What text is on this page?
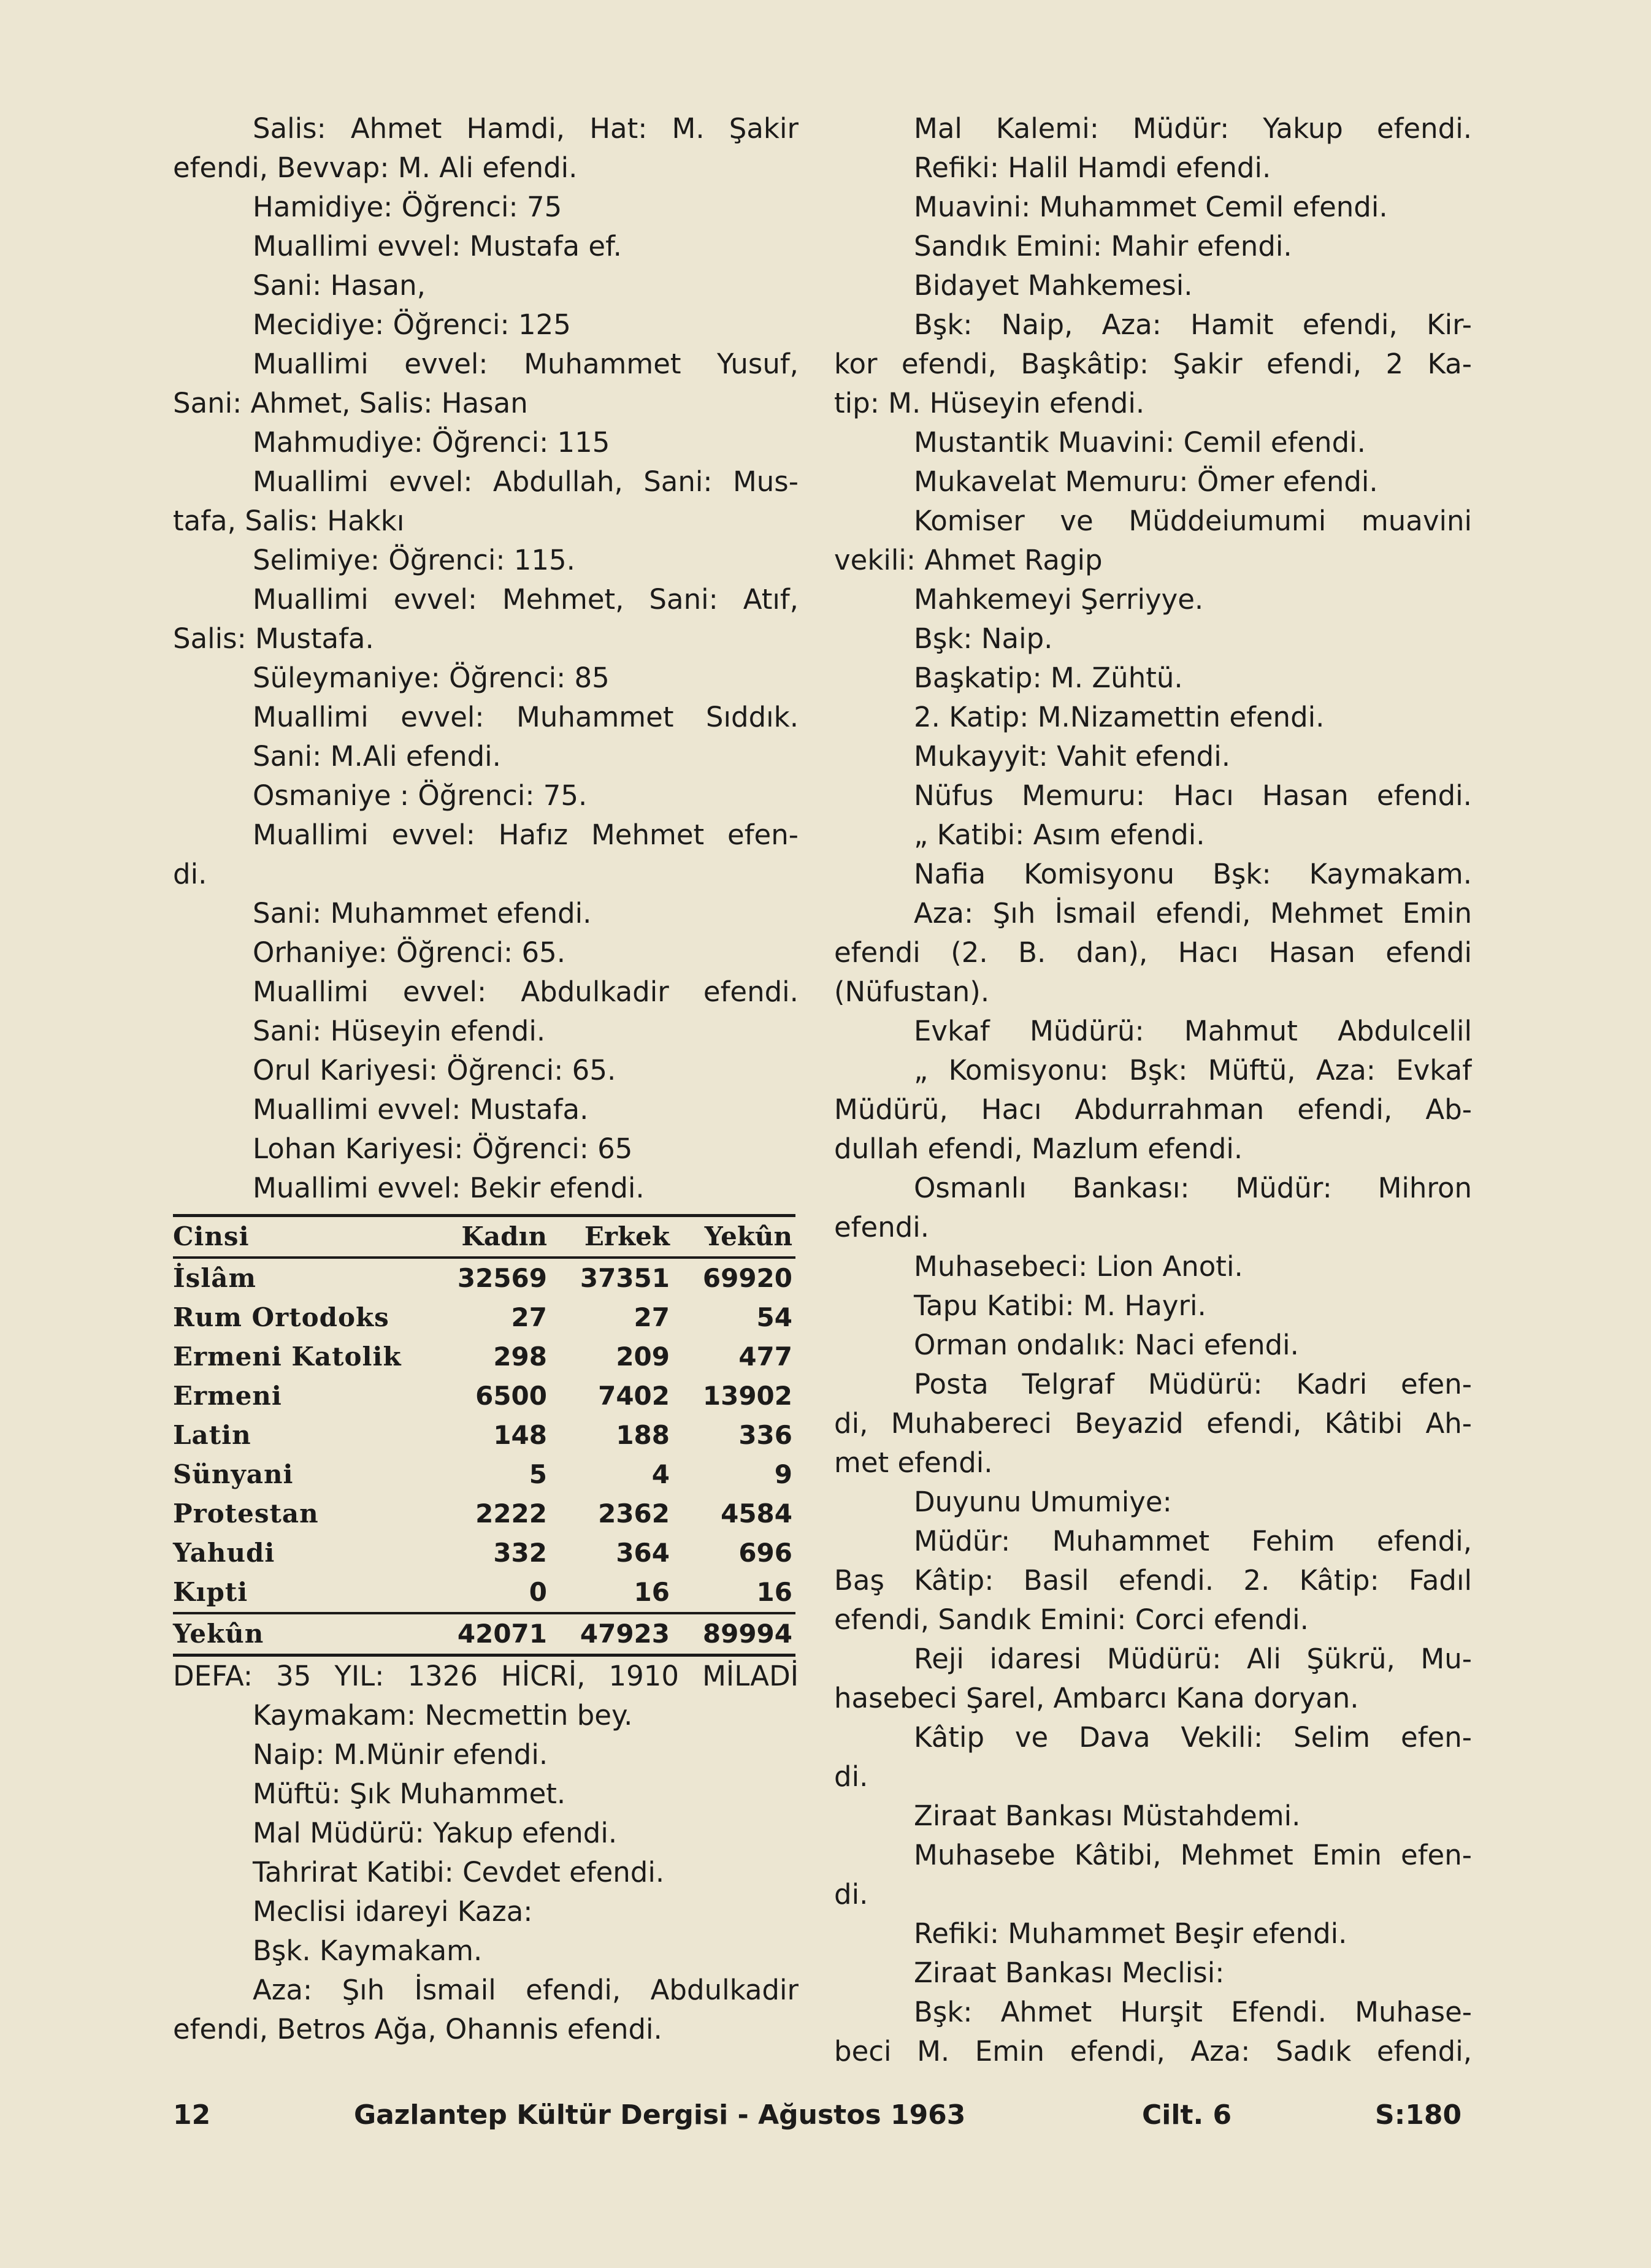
Salis: Ahmet Hamdi, Hat: M. Şakir
efendi, Bevvap: M. Ali efendi.
Hamidiye: Öğrenci: 75
Muallimi evvel: Mustafa ef.
Sani: Hasan,
Mecidiye: Öğrenci: 125
Muallimi evvel: Muhammet Yusuf,
Sani: Ahmet, Salis: Hasan
Mahmudiye: Öğrenci: 115
Muallimi evvel: Abdullah, Sani: Mus-
tafa, Salis: Hakkı
Selimiye: Öğrenci: 115.
Muallimi evvel: Mehmet, Sani: Atıf,
Salis: Mustafa.
Süleymaniye: Öğrenci: 85
Muallimi evvel: Muhammet Sıddık.
Sani: M.Ali efendi.
Osmaniye : Öğrenci: 75.
Muallimi evvel: Hafız Mehmet efen-
di.
Sani: Muhammet efendi.
Orhaniye: Öğrenci: 65.
Muallimi evvel: Abdulkadir efendi.
Sani: Hüseyin efendi.
Orul Kariyesi: Öğrenci: 65.
Muallimi evvel: Mustafa.
Lohan Kariyesi: Öğrenci: 65
Muallimi evvel: Bekir efendi.
Cinsi	Kadın	Erkek	Yekûn
İslâm	32569	37351	69920
Rum Ortodoks	27	27	54
Ermeni Katolik	298	209	477
Ermeni	6500	7402	13902
Latin	148	188	336
Sünyani	5	4	9
Protestan	2222	2362	4584
Yahudi	332	364	696
Kıpti	0	16	16
Yekûn	42071	47923	89994
DEFA: 35 YIL: 1326 HİCRİ, 1910 MİLADİ
Kaymakam: Necmettin bey.
Naip: M.Münir efendi.
Müftü: Şık Muhammet.
Mal Müdürü: Yakup efendi.
Tahrirat Katibi: Cevdet efendi.
Meclisi idareyi Kaza:
Bşk. Kaymakam.
Aza: Şıh İsmail efendi, Abdulkadir
efendi, Betros Ağa, Ohannis efendi.
Mal Kalemi: Müdür: Yakup efendi.
Refiki: Halil Hamdi efendi.
Muavini: Muhammet Cemil efendi.
Sandık Emini: Mahir efendi.
Bidayet Mahkemesi.
Bşk: Naip, Aza: Hamit efendi, Kir-
kor efendi, Başkâtip: Şakir efendi, 2 Ka-
tip: M. Hüseyin efendi.
Mustantik Muavini: Cemil efendi.
Mukavelat Memuru: Ömer efendi.
Komiser ve Müddeiumumi muavini
vekili: Ahmet Ragip
Mahkemeyi Şerriyye.
Bşk: Naip.
Başkatip: M. Zühtü.
2. Katip: M.Nizamettin efendi.
Mukayyit: Vahit efendi.
Nüfus Memuru: Hacı Hasan efendi.
„ Katibi: Asım efendi.
Nafia Komisyonu Bşk: Kaymakam.
Aza: Şıh İsmail efendi, Mehmet Emin
efendi (2. B. dan), Hacı Hasan efendi
(Nüfustan).
Evkaf Müdürü: Mahmut Abdulcelil
„ Komisyonu: Bşk: Müftü, Aza: Evkaf
Müdürü, Hacı Abdurrahman efendi, Ab-
dullah efendi, Mazlum efendi.
Osmanlı Bankası: Müdür: Mihron
efendi.
Muhasebeci: Lion Anoti.
Tapu Katibi: M. Hayri.
Orman ondalık: Naci efendi.
Posta Telgraf Müdürü: Kadri efen-
di, Muhabereci Beyazid efendi, Kâtibi Ah-
met efendi.
Duyunu Umumiye:
Müdür: Muhammet Fehim efendi,
Baş Kâtip: Basil efendi. 2. Kâtip: Fadıl
efendi, Sandık Emini: Corci efendi.
Reji idaresi Müdürü: Ali Şükrü, Mu-
hasebeci Şarel, Ambarcı Kana doryan.
Kâtip ve Dava Vekili: Selim efen-
di.
Ziraat Bankası Müstahdemi.
Muhasebe Kâtibi, Mehmet Emin efen-
di.
Refiki: Muhammet Beşir efendi.
Ziraat Bankası Meclisi:
Bşk: Ahmet Hurşit Efendi. Muhase-
beci M. Emin efendi, Aza: Sadık efendi,
12	Gazlantep Kültür Dergisi - Ağustos 1963	Cilt. 6	S:180
